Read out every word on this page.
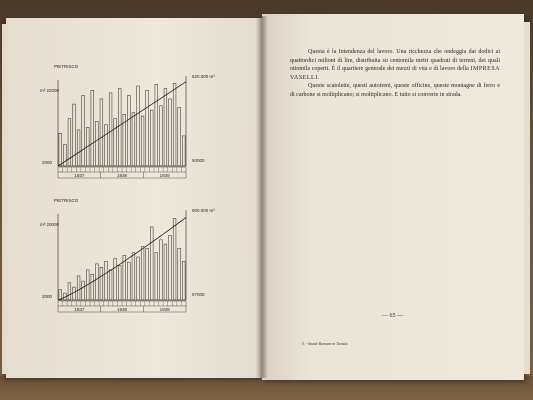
PIETRISCO
m³ 22000
2000
620.000 m³
50000
1937	1938	1939
PIETRISCO
m³ 20000
2000
900.000 m³
97000
1937	1938	1939

Questa è la Intendenza del lavoro. Una ricchezza che ondeggia dai dodici ai quattordici milioni di lire, distribuita su centomila metri quadrati di terreni, dei quali ottomila coperti. È il quartiere generale dei mezzi di vita e di lavoro della IMPRESA VASELLI.

Queste scatolette, questi autotreni, queste officine, queste montagne di ferro e di carbone si moltiplicano; si moltiplicano. E tutto si converte in strada.

— 65 —
5. - Strade Romane in Tunisia.
